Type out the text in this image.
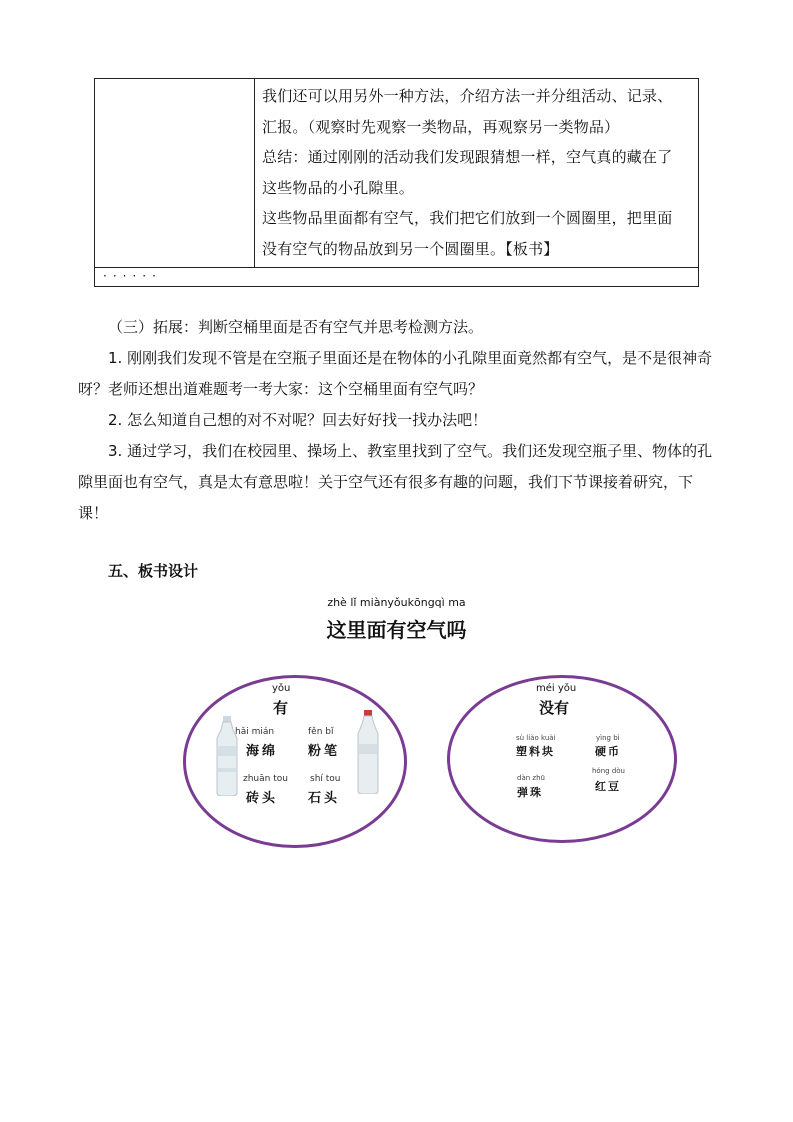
我们还可以用另外一种方法，介绍方法一并分组活动、记录、

汇报。（观察时先观察一类物品，再观察另一类物品）

总结：通过刚刚的活动我们发现跟猜想一样，空气真的藏在了

这些物品的小孔隙里。

这些物品里面都有空气，我们把它们放到一个圆圈里，把里面

没有空气的物品放到另一个圆圈里。【板书】

······

（三）拓展：判断空桶里面是否有空气并思考检测方法。

1. 刚刚我们发现不管是在空瓶子里面还是在物体的小孔隙里面竟然都有空气，是不是很神奇呀？老师还想出道难题考一考大家：这个空桶里面有空气吗？

2. 怎么知道自己想的对不对呢？回去好好找一找办法吧！

3. 通过学习，我们在校园里、操场上、教室里找到了空气。我们还发现空瓶子里、物体的孔隙里面也有空气，真是太有意思啦！关于空气还有很多有趣的问题，我们下节课接着研究，下课！

五、板书设计
zhè lǐ miànyǒukōngqì ma
这里面有空气吗
yǒu
有
hǎi mián
海绵
fěn bǐ
粉笔
zhuān tou
砖头
shí tou
石头
méi yǒu
没有
sù liào kuài
塑料块
yìng bì
硬币
dàn zhū
弹珠
hóng dòu
红豆
